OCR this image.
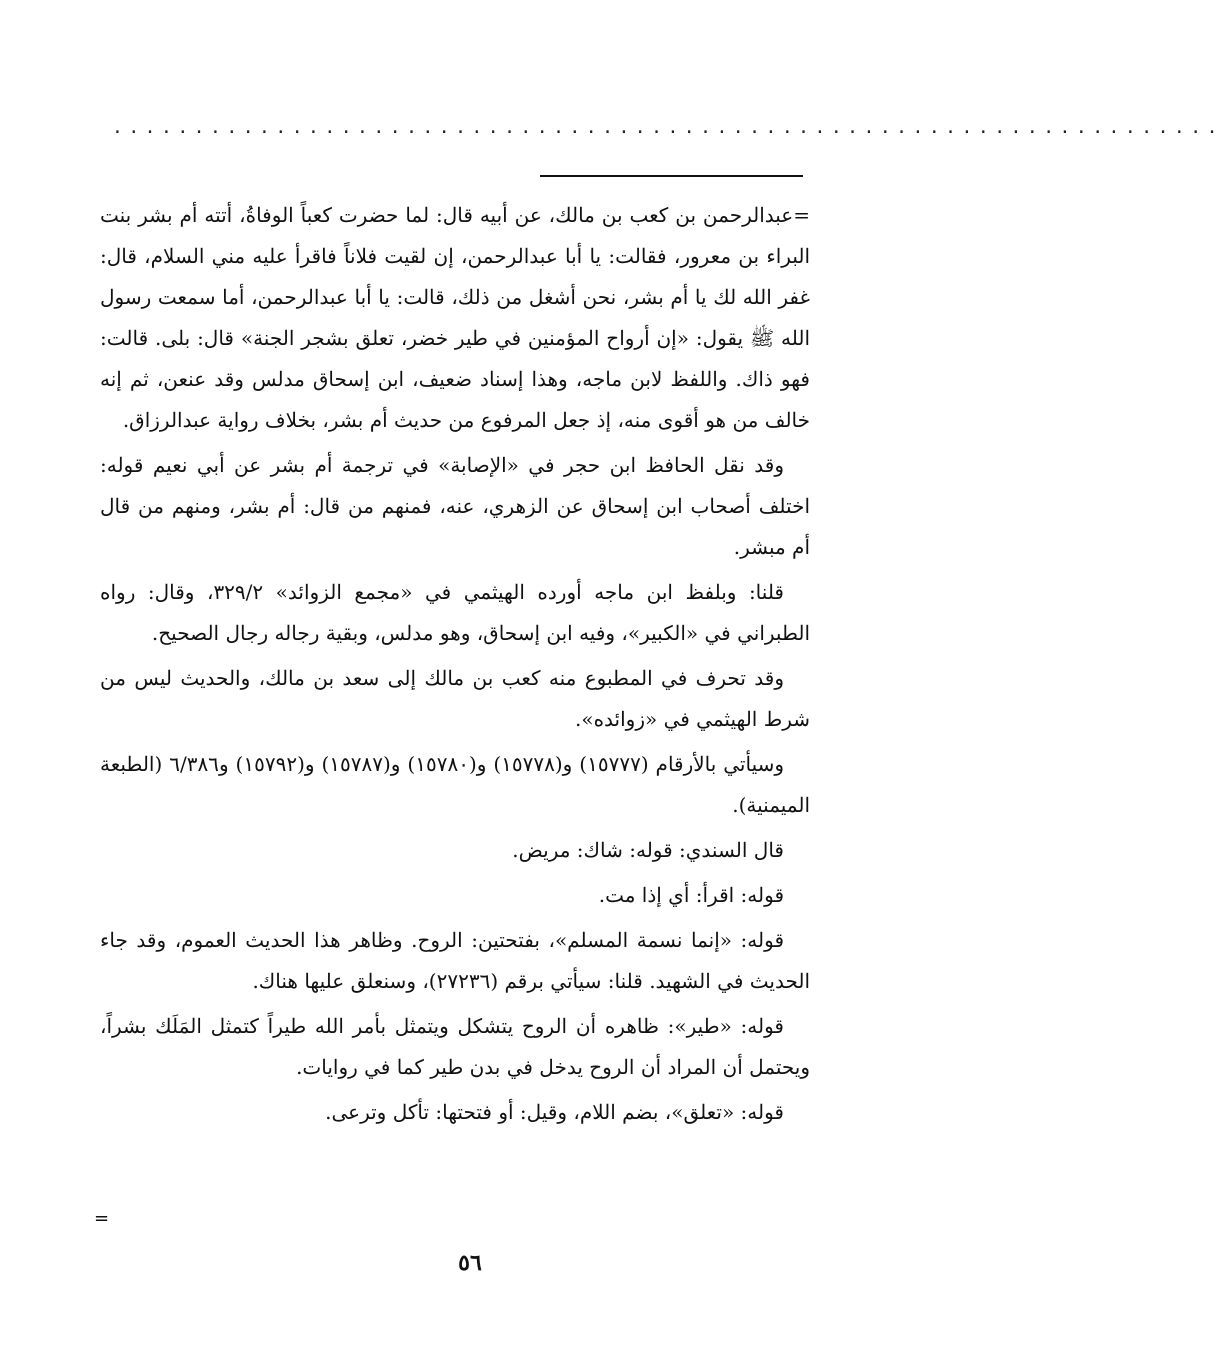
....................................................................

=عبدالرحمن بن كعب بن مالك، عن أبيه قال: لما حضرت كعباً الوفاةُ، أتته أم بشر بنت البراء بن معرور، فقالت: يا أبا عبدالرحمن، إن لقيت فلاناً فاقرأ عليه مني السلام، قال: غفر الله لك يا أم بشر، نحن أشغل من ذلك، قالت: يا أبا عبدالرحمن، أما سمعت رسول الله ﷺ يقول: «إن أرواح المؤمنين في طير خضر، تعلق بشجر الجنة» قال: بلى. قالت: فهو ذاك. واللفظ لابن ماجه، وهذا إسناد ضعيف، ابن إسحاق مدلس وقد عنعن، ثم إنه خالف من هو أقوى منه، إذ جعل المرفوع من حديث أم بشر، بخلاف رواية عبدالرزاق.

وقد نقل الحافظ ابن حجر في «الإصابة» في ترجمة أم بشر عن أبي نعيم قوله: اختلف أصحاب ابن إسحاق عن الزهري، عنه، فمنهم من قال: أم بشر، ومنهم من قال أم مبشر.

قلنا: وبلفظ ابن ماجه أورده الهيثمي في «مجمع الزوائد» ٣٢٩/٢، وقال: رواه الطبراني في «الكبير»، وفيه ابن إسحاق، وهو مدلس، وبقية رجاله رجال الصحيح.

وقد تحرف في المطبوع منه كعب بن مالك إلى سعد بن مالك، والحديث ليس من شرط الهيثمي في «زوائده».

وسيأتي بالأرقام (١٥٧٧٧) و(١٥٧٧٨) و(١٥٧٨٠) و(١٥٧٨٧) و(١٥٧٩٢) و٦/٣٨٦ (الطبعة الميمنية).

قال السندي: قوله: شاك: مريض.

قوله: اقرأ: أي إذا مت.

قوله: «إنما نسمة المسلم»، بفتحتين: الروح. وظاهر هذا الحديث العموم، وقد جاء الحديث في الشهيد. قلنا: سيأتي برقم (٢٧٢٣٦)، وسنعلق عليها هناك.

قوله: «طير»: ظاهره أن الروح يتشكل ويتمثل بأمر الله طيراً كتمثل المَلَك بشراً، ويحتمل أن المراد أن الروح يدخل في بدن طير كما في روايات.

قوله: «تعلق»، بضم اللام، وقيل: أو فتحتها: تأكل وترعى.

=
٥٦
